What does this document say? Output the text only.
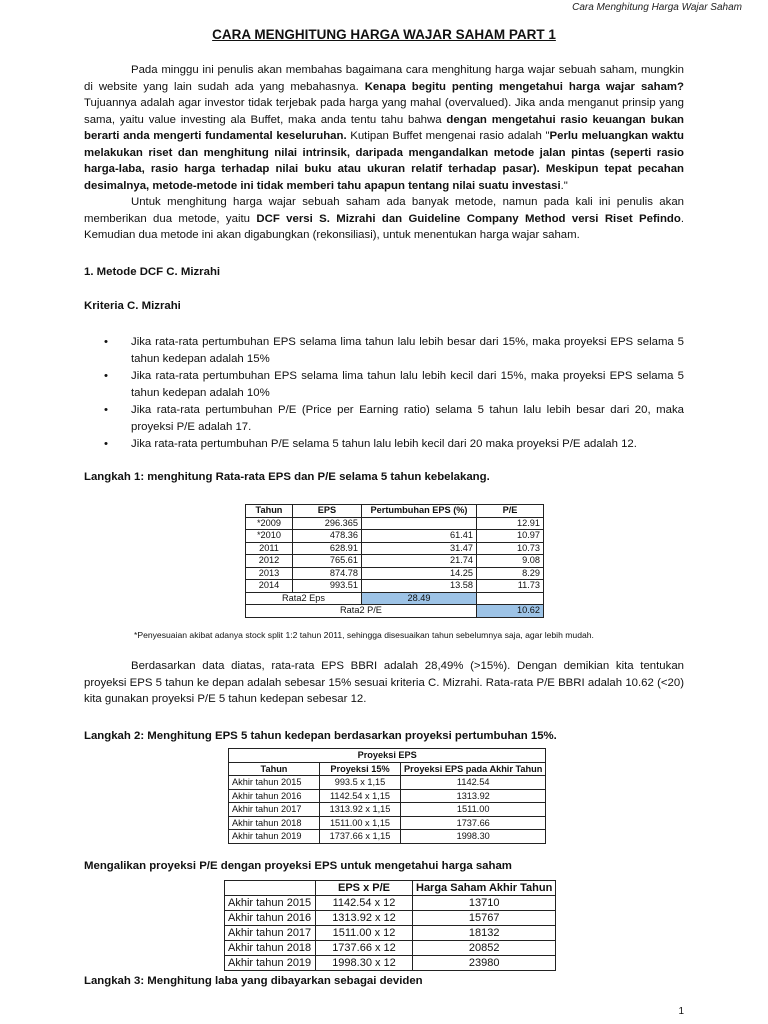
Cara Menghitung Harga Wajar Saham
CARA MENGHITUNG HARGA WAJAR SAHAM PART 1

Pada minggu ini penulis akan membahas bagaimana cara menghitung harga wajar sebuah saham, mungkin di website yang lain sudah ada yang mebahasnya. Kenapa begitu penting mengetahui harga wajar saham? Tujuannya adalah agar investor tidak terjebak pada harga yang mahal (overvalued). Jika anda menganut prinsip yang sama, yaitu value investing ala Buffet, maka anda tentu tahu bahwa dengan mengetahui rasio keuangan bukan berarti anda mengerti fundamental keseluruhan. Kutipan Buffet mengenai rasio adalah "Perlu meluangkan waktu melakukan riset dan menghitung nilai intrinsik, daripada mengandalkan metode jalan pintas (seperti rasio harga-laba, rasio harga terhadap nilai buku atau ukuran relatif terhadap pasar). Meskipun tepat pecahan desimalnya, metode-metode ini tidak memberi tahu apapun tentang nilai suatu investasi."

Untuk menghitung harga wajar sebuah saham ada banyak metode, namun pada kali ini penulis akan memberikan dua metode, yaitu DCF versi S. Mizrahi dan Guideline Company Method versi Riset Pefindo. Kemudian dua metode ini akan digabungkan (rekonsiliasi), untuk menentukan harga wajar saham.

1. Metode DCF C. Mizrahi
Kriteria C. Mizrahi
• Jika rata-rata pertumbuhan EPS selama lima tahun lalu lebih besar dari 15%, maka proyeksi EPS selama 5 tahun kedepan adalah 15%
• Jika rata-rata pertumbuhan EPS selama lima tahun lalu lebih kecil dari 15%, maka proyeksi EPS selama 5 tahun kedepan adalah 10%
• Jika rata-rata pertumbuhan P/E (Price per Earning ratio) selama 5 tahun lalu lebih besar dari 20, maka proyeksi P/E adalah 17.
• Jika rata-rata pertumbuhan P/E selama 5 tahun lalu lebih kecil dari 20 maka proyeksi P/E adalah 12.
Langkah 1: menghitung Rata-rata EPS dan P/E selama 5 tahun kebelakang.
Tahun	EPS	Pertumbuhan EPS (%)	P/E
*2009	296.365		12.91
*2010	478.36	61.41	10.97
2011	628.91	31.47	10.73
2012	765.61	21.74	9.08
2013	874.78	14.25	8.29
2014	993.51	13.58	11.73
Rata2 Eps		28.49	
Rata2 P/E			10.62
*Penyesuaian akibat adanya stock split 1:2 tahun 2011, sehingga disesuaikan tahun sebelumnya saja, agar lebih mudah.

Berdasarkan data diatas, rata-rata EPS BBRI adalah 28,49% (>15%). Dengan demikian kita tentukan proyeksi EPS 5 tahun ke depan adalah sebesar 15% sesuai kriteria C. Mizrahi. Rata-rata P/E BBRI adalah 10.62 (<20) kita gunakan proyeksi P/E 5 tahun kedepan sebesar 12.

Langkah 2: Menghitung EPS 5 tahun kedepan berdasarkan proyeksi pertumbuhan 15%.
Proyeksi EPS		
Tahun	Proyeksi 15%	Proyeksi EPS pada Akhir Tahun
Akhir tahun 2015	993.5 x 1,15	1142.54
Akhir tahun 2016	1142.54 x 1,15	1313.92
Akhir tahun 2017	1313.92 x 1,15	1511.00
Akhir tahun 2018	1511.00 x 1,15	1737.66
Akhir tahun 2019	1737.66 x 1,15	1998.30
Mengalikan proyeksi P/E dengan proyeksi EPS untuk mengetahui harga saham
	EPS x P/E	Harga Saham Akhir Tahun
Akhir tahun 2015	1142.54 x 12	13710
Akhir tahun 2016	1313.92 x 12	15767
Akhir tahun 2017	1511.00 x 12	18132
Akhir tahun 2018	1737.66 x 12	20852
Akhir tahun 2019	1998.30 x 12	23980
Langkah 3: Menghitung laba yang dibayarkan sebagai deviden
1
